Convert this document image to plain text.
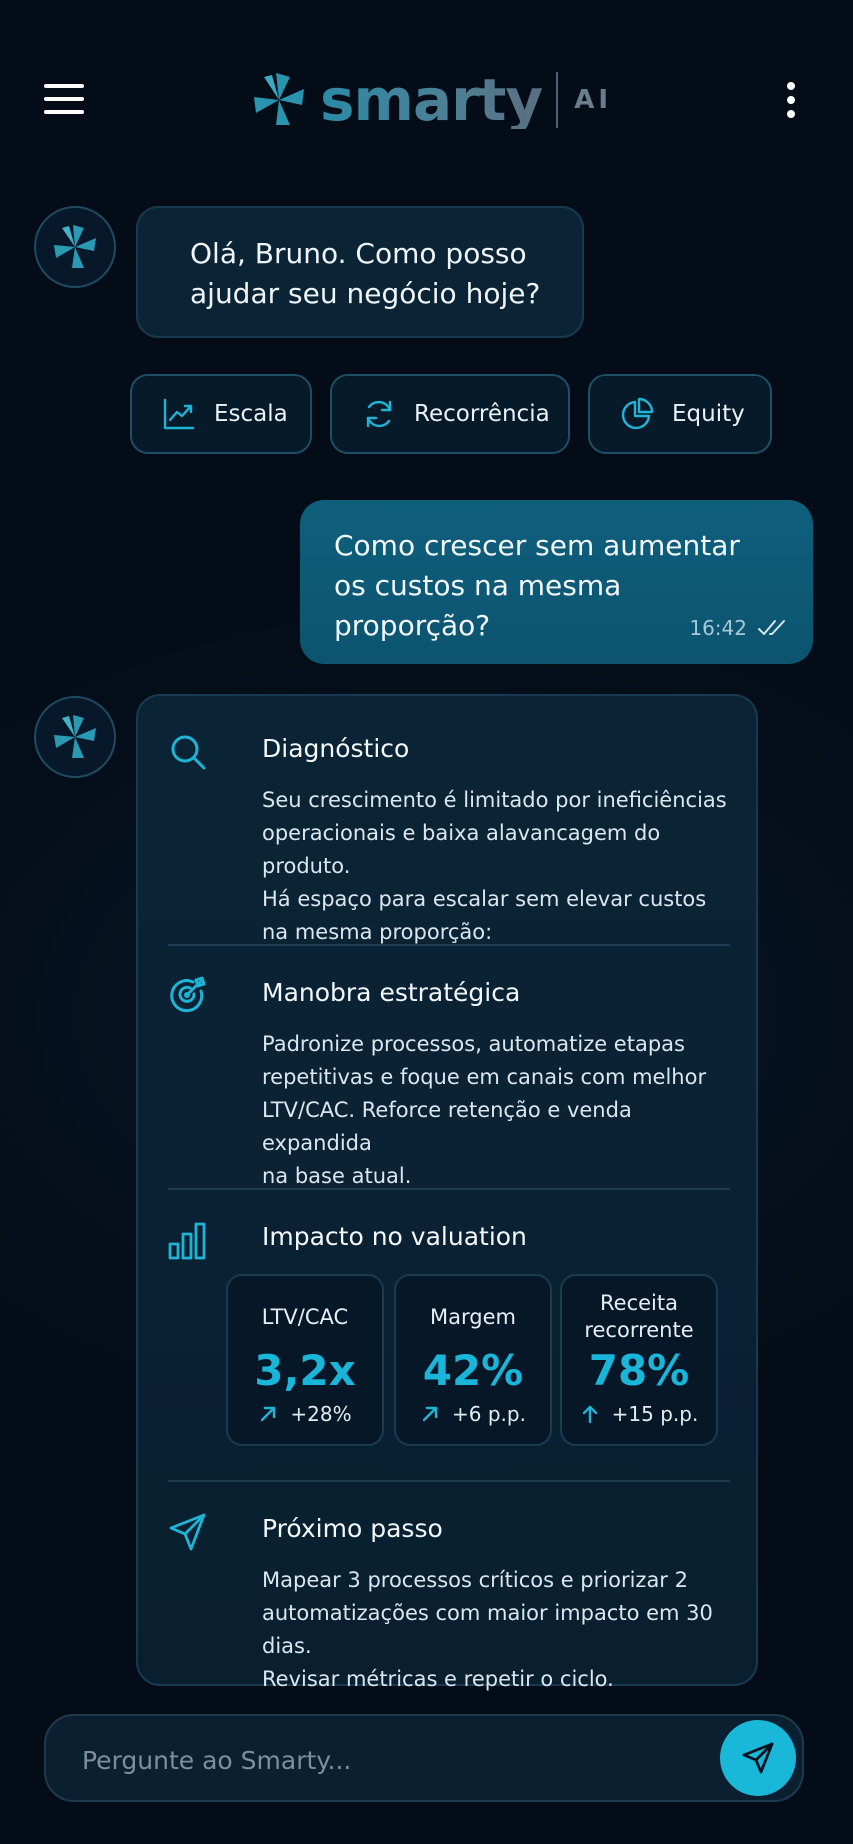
smarty AI
Olá, Bruno. Como posso
ajudar seu negócio hoje?
Escala	Recorrência	Equity
Como crescer sem aumentar
os custos na mesma proporção?	16:42
Diagnóstico
Seu crescimento é limitado por ineficiências
operacionais e baixa alavancagem do produto.
Há espaço para escalar sem elevar custos
na mesma proporção:
Manobra estratégica
Padronize processos, automatize etapas
repetitivas e foque em canais com melhor
LTV/CAC. Reforce retenção e venda expandida
na base atual.
Impacto no valuation
LTV/CAC
3,2x
+28%
Margem
42%
+6 p.p.
Receita
recorrente
78%
+15 p.p.
Próximo passo
Mapear 3 processos críticos e priorizar 2
automatizações com maior impacto em 30 dias.
Revisar métricas e repetir o ciclo.
Pergunte ao Smarty...
